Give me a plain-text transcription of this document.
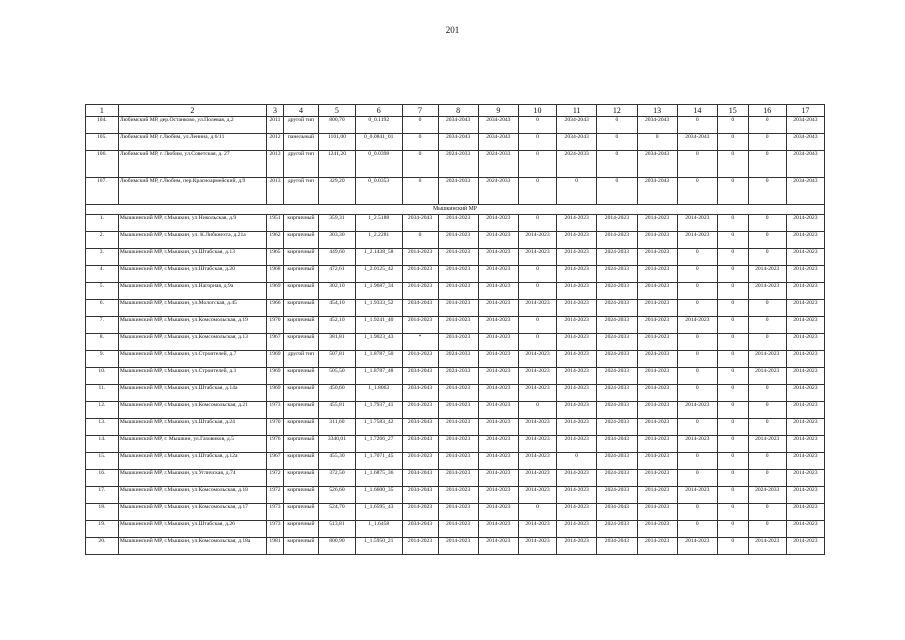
201
1	2	3	4	5	6	7	8	9	10	11	12	13	14	15	16	17
104.	Любимский МР, дер.Останково, ул.Полевая, д.2	2011	другой тип	800,70	0_0.1192	0	2034-2043	2034-2043	0	2034-2043	0	2034-2043	0	0	0	2034-2043
105.	Любимский МР, г.Любим, ул.Ленина, д.6/11	2012	панельный	1101,00	0_0.0841_01	0	2034-2043	2034-2043	0	2034-2043	0	0	2034-2043	0	0	2034-2043
106.	Любимский МР, г. Любим, ул.Советская, д. 27	2013	другой тип	1241,20	0_0.0398	0	2024-2033	2024-2033	0	2024-2033	0	2034-2043	0	0	0	2034-2043
107.	Любимский МР, г.Любим, пер.Красноармейский, д.9	2013	другой тип	329,20	0_0.0353	0	2024-2033	2024-2033	0	0	0	2034-2043	0	0	0	2034-2043
Мышкинский МР																
1.	Мышкинский МР, г.Мышкин, ул.Никольская, д.9	1951	кирпичный	359,31	1_2.5188	2034-2043	2014-2023	2014-2023	0	2014-2023	2014-2023	2014-2023	2014-2023	0	0	2014-2023
2.	Мышкинский МР, г.Мышкин, ул. К.Либкнехта, д.21а	1962	кирпичный	303,30	1_2.2281	0	2014-2023	2014-2023	2014-2023	2014-2023	2014-2023	2014-2023	2014-2023	0	0	2014-2023
3.	Мышкинский МР, г.Мышкин, ул.Штабская, д.13	1965	кирпичный	449,60	1_2.1438_58	2014-2023	2014-2023	2014-2023	2014-2023	2014-2023	2024-2033	2014-2023	0	0	0	2014-2023
4.	Мышкинский МР, г.Мышкин, ул.Штабская, д.20	1968	кирпичный	472,61	1_2.0125_42	2014-2023	2014-2023	2014-2023	0	2014-2023	2024-2033	2014-2023	0	0	2014-2023	2014-2023
5.	Мышкинский МР, г.Мышкин, ул.Нагорная, д.9а	1969	кирпичный	302,10	1_1.9687_34	2014-2023	2014-2023	2014-2023	0	2014-2023	2024-2033	2014-2023	0	0	2014-2023	2014-2023
6.	Мышкинский МР, г.Мышкин, ул.Мологская, д.45	1966	кирпичный	454,10	1_1.9333_52	2034-2043	2014-2023	2014-2023	2014-2023	2014-2023	2024-2033	2014-2023	0	0	0	2014-2023
7.	Мышкинский МР, г.Мышкин, ул.Комсомольская, д.19	1970	кирпичный	452,10	1_1.9241_40	2014-2023	2014-2023	2014-2023	0	2014-2023	2024-2033	2014-2023	2014-2023	0	0	2014-2023
8.	Мышкинский МР, г.Мышкин, ул.Комсомольская, д.13	1967	кирпичный	381,81	1_1.9023_43	*	2014-2023	2014-2023	0	2014-2023	2024-2033	2014-2023	0	0	0	2014-2023
9.	Мышкинский МР, г.Мышкин, ул.Строителей, д.7	1969	другой тип	507,81	1_1.8787_50	2014-2023	2024-2033	2014-2023	2014-2023	2014-2023	2024-2033	2024-2033	0	0	2014-2023	2014-2023
10.	Мышкинский МР, г.Мышкин, ул.Строителей, д.1	1969	кирпичный	505,50	1_1.8787_48	2034-2043	2024-2033	2014-2023	2014-2023	2014-2023	2024-2033	2014-2023	0	0	2014-2023	2014-2023
11.	Мышкинский МР, г.Мышкин, ул.Штабская, д.14а	1969	кирпичный	450,60	1_1.8063	2034-2043	2014-2023	2014-2023	2014-2023	2014-2023	2024-2033	2014-2023	0	0	0	2014-2023
12.	Мышкинский МР, г.Мышкин, ул.Комсомольская, д.21	1973	кирпичный	455,81	1_1.7937_41	2014-2023	2014-2023	2014-2023	0	2014-2023	2024-2033	2014-2023	2014-2023	0	0	2014-2023
13.	Мышкинский МР, г.Мышкин, ул.Штабская, д.24	1970	кирпичный	311,60	1_1.7583_42	2034-2043	2014-2023	2014-2023	2014-2023	2014-2023	2024-2033	2014-2023	0	0	0	2014-2023
14.	Мышкинский МР, г. Мышкин, ул.Газовиков, д.5	1976	кирпичный	3340,01	1_1.7266_27	2034-2043	2014-2023	2014-2023	2014-2023	2014-2023	2034-2043	2014-2023	2014-2023	0	2014-2023	2014-2023
15.	Мышкинский МР, г.Мышкин, ул.Штабская, д.12а	1967	кирпичный	455,30	1_1.7071_45	2014-2023	2014-2023	2014-2023	2014-2023	0	2024-2033	2014-2023	0	0	0	2014-2023
16.	Мышкинский МР, г.Мышкин, ул.Угличская, д.74	1972	кирпичный	372,50	1_1.6875_36	2034-2043	2014-2023	2014-2023	2014-2023	2014-2023	2024-2033	2014-2023	0	0	0	2014-2023
17.	Мышкинский МР, г.Мышкин, ул.Комсомольская, д.18	1972	кирпичный	526,60	1_1.6600_35	2034-2043	2014-2023	2014-2023	2014-2023	2014-2023	2024-2033	2014-2023	2014-2023	0	2024-2033	2014-2023
18.	Мышкинский МР, г.Мышкин, ул.Комсомольская, д.17	1973	кирпичный	524,70	1_1.6595_43	2014-2023	2014-2023	2014-2023	0	2014-2023	2034-2043	2014-2023	0	0	0	2014-2023
19.	Мышкинский МР, г.Мышкин, ул.Штабская, д.26	1973	кирпичный	513,81	1_1.6458	2034-2043	2014-2023	2014-2023	2014-2023	2014-2023	2024-2033	2014-2023	0	0	0	2014-2023
20.	Мышкинский МР, г.Мышкин, ул.Комсомольская, д.18а	1981	кирпичный	800,90	1_1.5950_21	2014-2023	2014-2023	2014-2023	2014-2023	2014-2023	2034-2043	2014-2023	2014-2023	0	2014-2023	2014-2023
